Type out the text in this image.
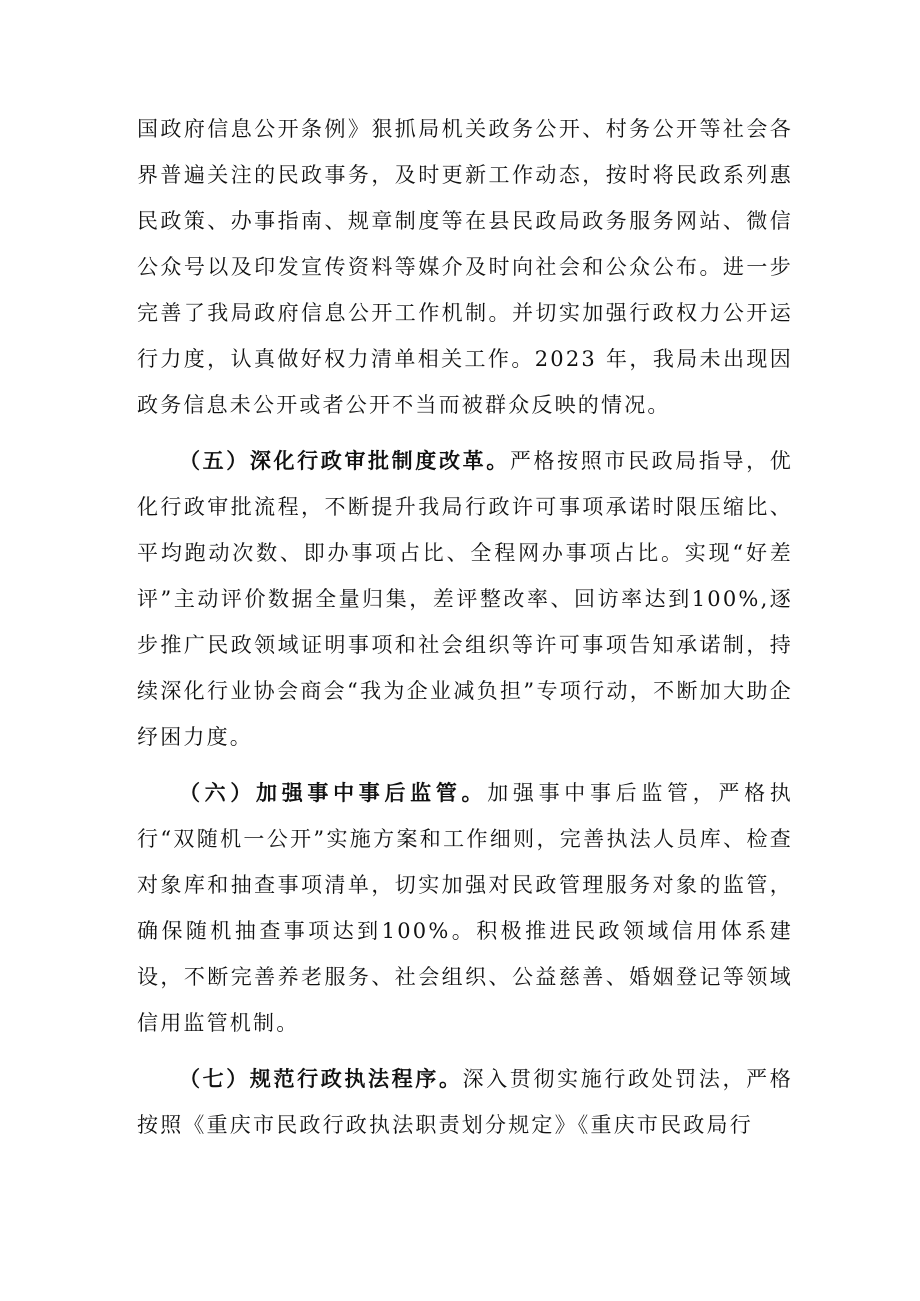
国政府信息公开条例》狠抓局机关政务公开、村务公开等社会各界普遍关注的民政事务，及时更新工作动态，按时将民政系列惠民政策、办事指南、规章制度等在县民政局政务服务网站、微信公众号以及印发宣传资料等媒介及时向社会和公众公布。进一步完善了我局政府信息公开工作机制。并切实加强行政权力公开运行力度，认真做好权力清单相关工作。2023 年，我局未出现因政务信息未公开或者公开不当而被群众反映的情况。

（五）深化行政审批制度改革。严格按照市民政局指导，优化行政审批流程，不断提升我局行政许可事项承诺时限压缩比、平均跑动次数、即办事项占比、全程网办事项占比。实现“好差评”主动评价数据全量归集，差评整改率、回访率达到100%,逐步推广民政领域证明事项和社会组织等许可事项告知承诺制，持续深化行业协会商会“我为企业减负担”专项行动，不断加大助企纾困力度。

（六）加强事中事后监管。加强事中事后监管，严格执行“双随机一公开”实施方案和工作细则，完善执法人员库、检查对象库和抽查事项清单，切实加强对民政管理服务对象的监管，确保随机抽查事项达到100%。积极推进民政领域信用体系建设，不断完善养老服务、社会组织、公益慈善、婚姻登记等领域信用监管机制。

（七）规范行政执法程序。深入贯彻实施行政处罚法，严格按照《重庆市民政行政执法职责划分规定》《重庆市民政局行
